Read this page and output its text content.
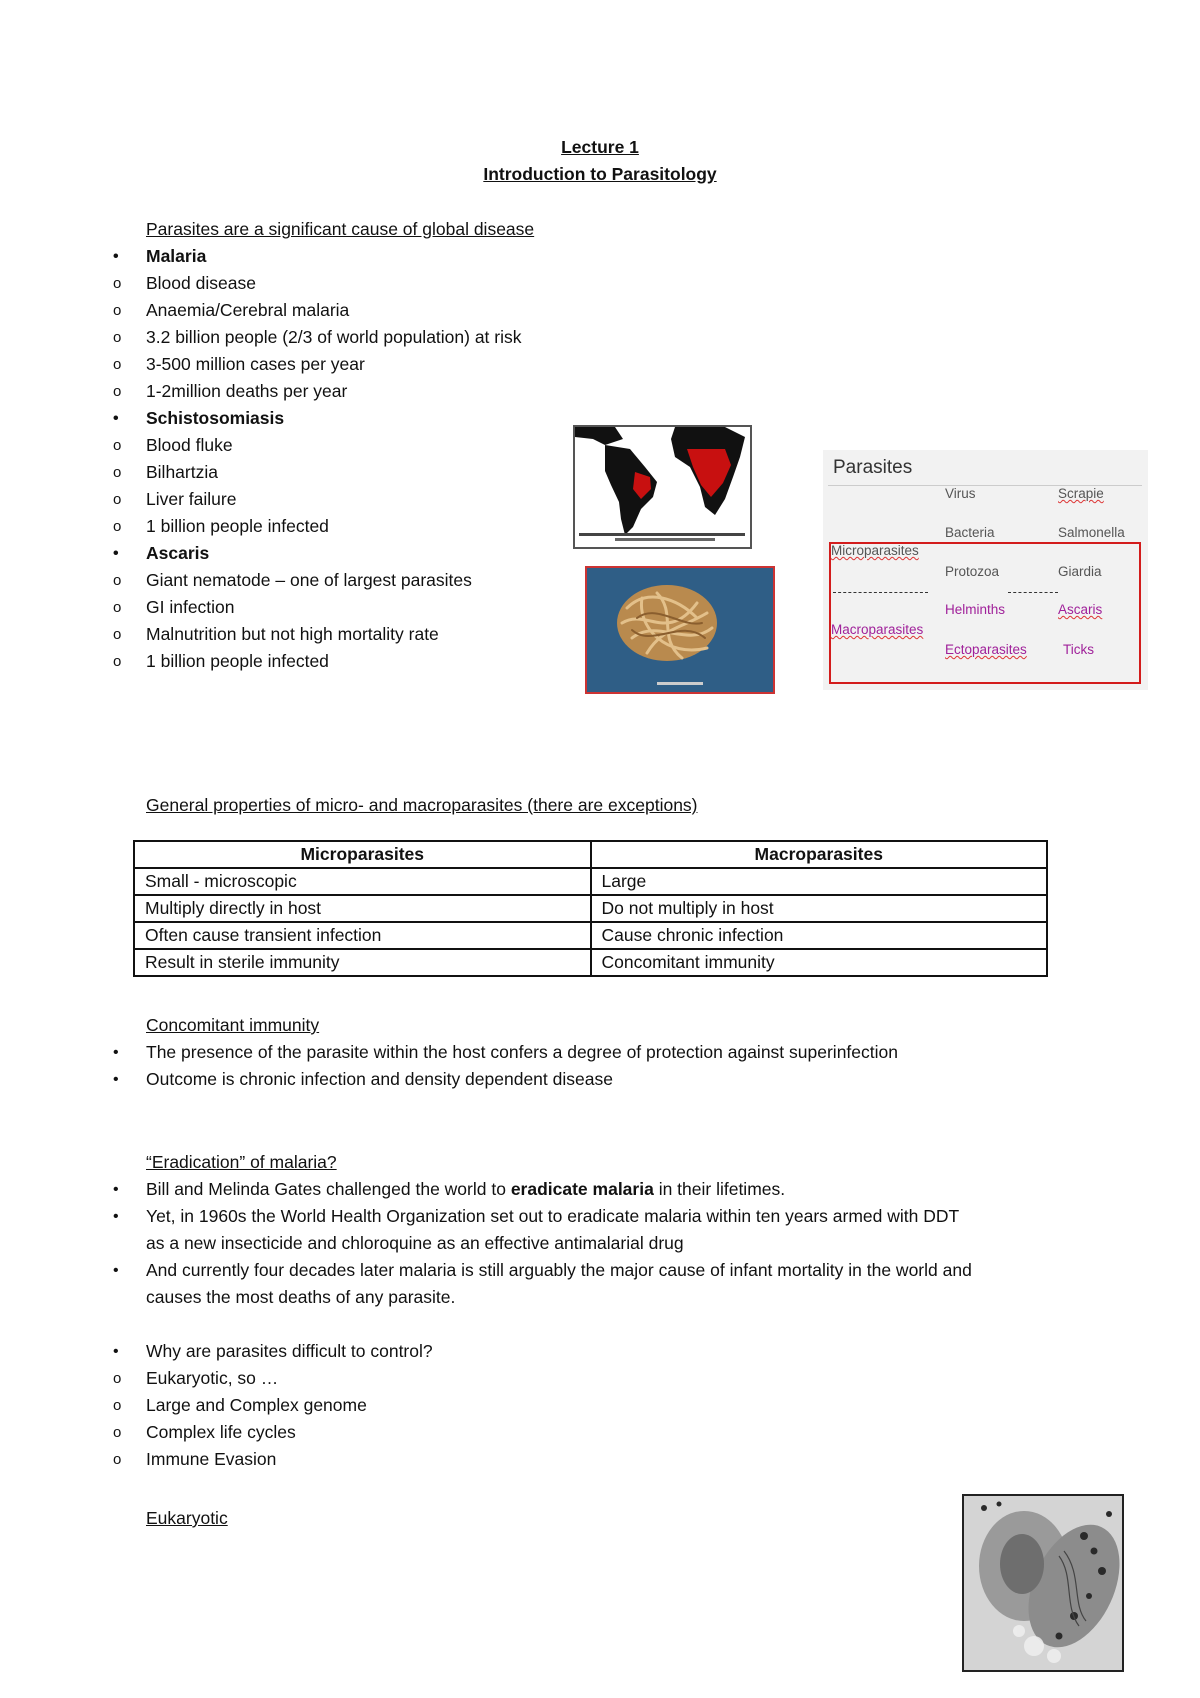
Lecture 1
Introduction to Parasitology
Parasites are a significant cause of global disease
• Malaria
o Blood disease
o Anaemia/Cerebral malaria
o 3.2 billion people (2/3 of world population) at risk
o 3-500 million cases per year
o 1-2million deaths per year
• Schistosomiasis
o Blood fluke
o Bilhartzia
o Liver failure
o 1 billion people infected
• Ascaris
o Giant nematode – one of largest parasites
o GI infection
o Malnutrition but not high mortality rate
o 1 billion people infected
Parasites
Virus	Scrapie
Bacteria	Salmonella
Microparasites
Protozoa	Giardia
Macroparasites
Helminths	Ascaris
Ectoparasites	Ticks
General properties of micro- and macroparasites (there are exceptions)
Microparasites	Macroparasites
Small - microscopic	Large
Multiply directly in host	Do not multiply in host
Often cause transient infection	Cause chronic infection
Result in sterile immunity	Concomitant immunity
Concomitant immunity
• The presence of the parasite within the host confers a degree of protection against superinfection
• Outcome is chronic infection and density dependent disease
“Eradication” of malaria?
• Bill and Melinda Gates challenged the world to eradicate malaria in their lifetimes.
• Yet, in 1960s the World Health Organization set out to eradicate malaria within ten years armed with DDT as a new insecticide and chloroquine as an effective antimalarial drug
• And currently four decades later malaria is still arguably the major cause of infant mortality in the world and causes the most deaths of any parasite.
• Why are parasites difficult to control?
o Eukaryotic, so …
o Large and Complex genome
o Complex life cycles
o Immune Evasion
Eukaryotic
